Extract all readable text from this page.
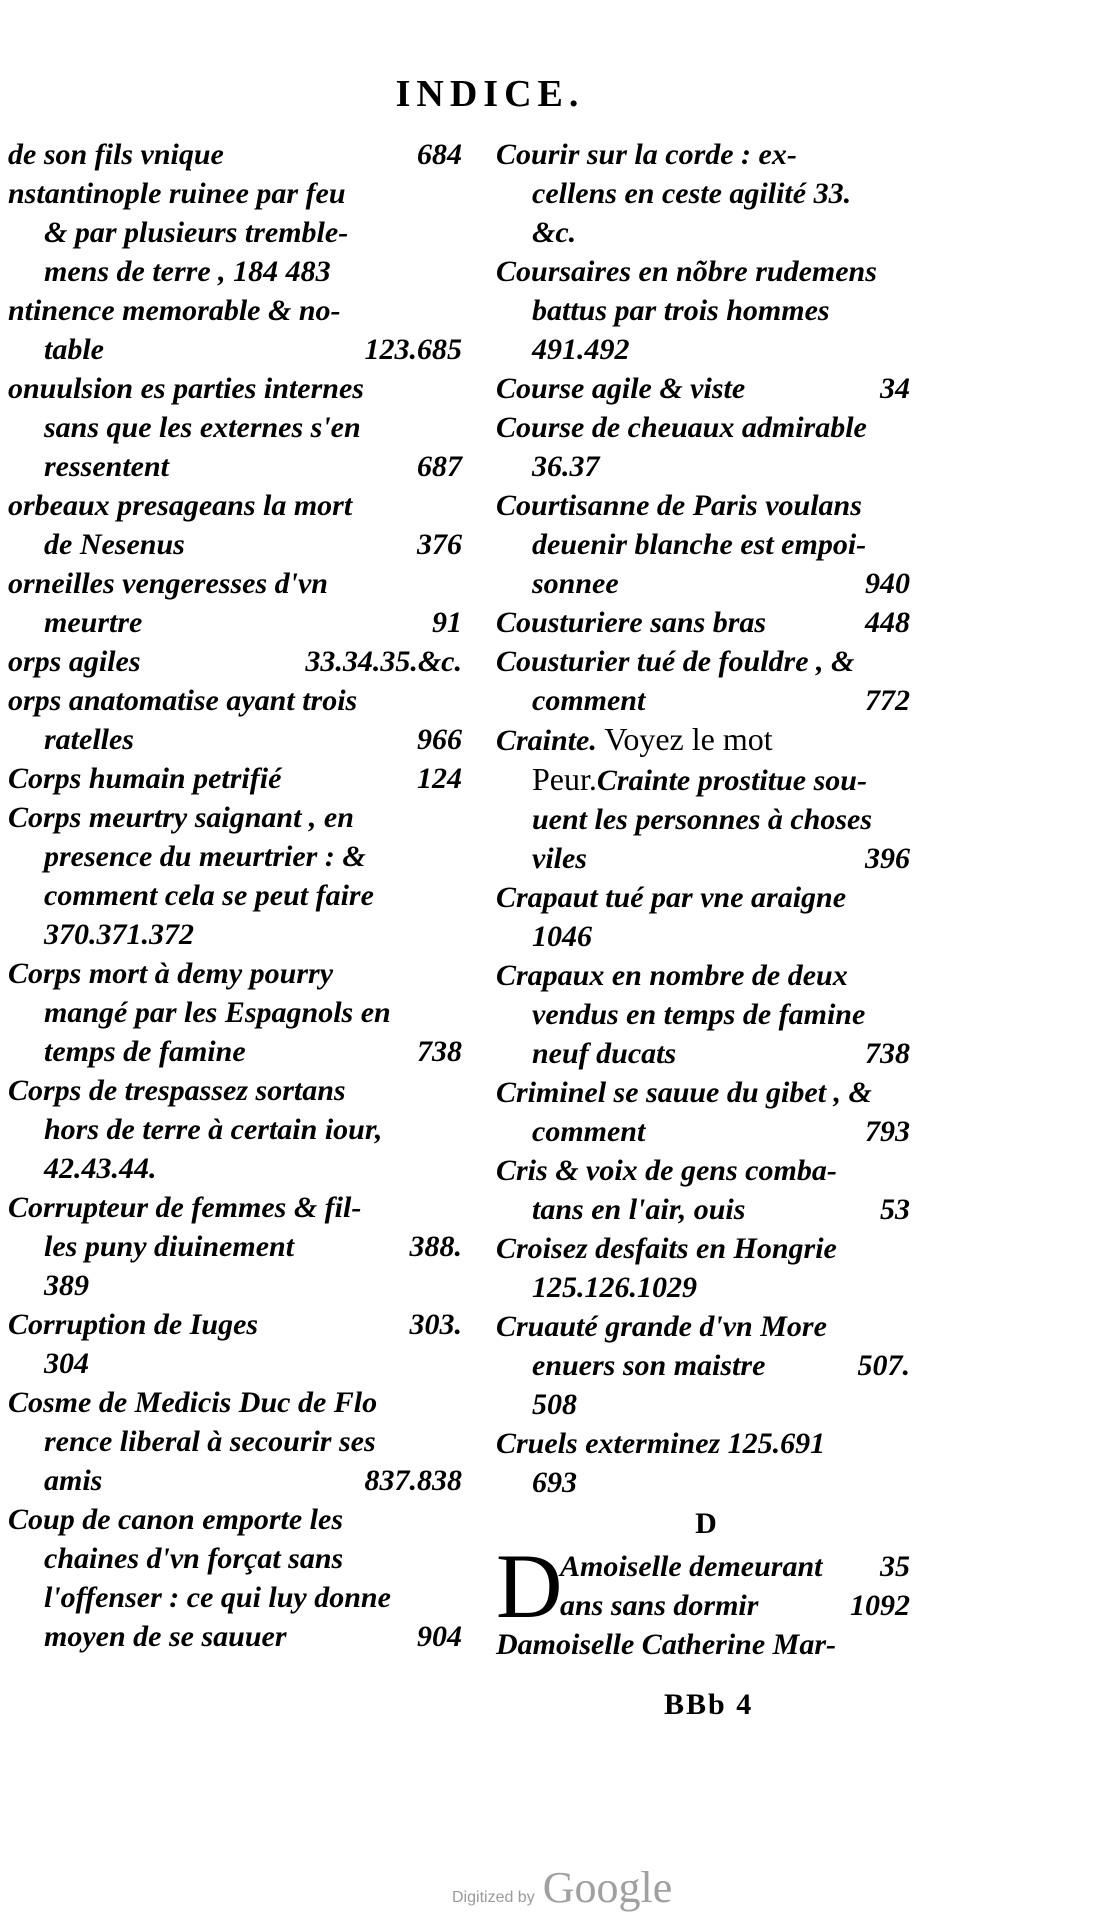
INDICE.
de son fils vnique	684
nstantinople ruinee par feu
& par plusieurs tremble-
mens de terre , 184 483
ntinence memorable & no-
table	123.685
onuulsion es parties internes
sans que les externes s'en
ressentent	687
orbeaux presageans la mort
de Nesenus	376
orneilles vengeresses d'vn
meurtre	91
orps agiles	33.34.35.&c.
orps anatomatise ayant trois
ratelles	966
Corps humain petrifié	124
Corps meurtry saignant , en
presence du meurtrier : &
comment cela se peut faire
370.371.372
Corps mort à demy pourry
mangé par les Espagnols en
temps de famine	738
Corps de trespassez sortans
hors de terre à certain iour,
42.43.44.
Corrupteur de femmes & fil-
les puny diuinement	388.
389
Corruption de Iuges	303.
304
Cosme de Medicis Duc de Flo
rence liberal à secourir ses
amis	837.838
Coup de canon emporte les
chaines d'vn forçat sans
l'offenser : ce qui luy donne
moyen de se sauuer	904
Courir sur la corde : ex-
cellens en ceste agilité 33.
&c.
Coursaires en nõbre rudemens
battus par trois hommes
491.492
Course agile & viste	34
Course de cheuaux admirable
36.37
Courtisanne de Paris voulans
deuenir blanche est empoi-
sonnee	940
Cousturiere sans bras	448
Cousturier tué de fouldre , &
comment	772
Crainte. Voyez le mot
Peur.Crainte prostitue sou-
uent les personnes à choses
viles	396
Crapaut tué par vne araigne
1046
Crapaux en nombre de deux
vendus en temps de famine
neuf ducats	738
Criminel se sauue du gibet , &
comment	793
Cris & voix de gens comba-
tans en l'air, ouis	53
Croisez desfaits en Hongrie
125.126.1029
Cruauté grande d'vn More
enuers son maistre	507.
508
Cruels exterminez 125.691
693
D
D
Amoiselle demeurant 35
ans sans dormir	1092
Damoiselle Catherine Mar-
BBb 4
Digitized by Google
